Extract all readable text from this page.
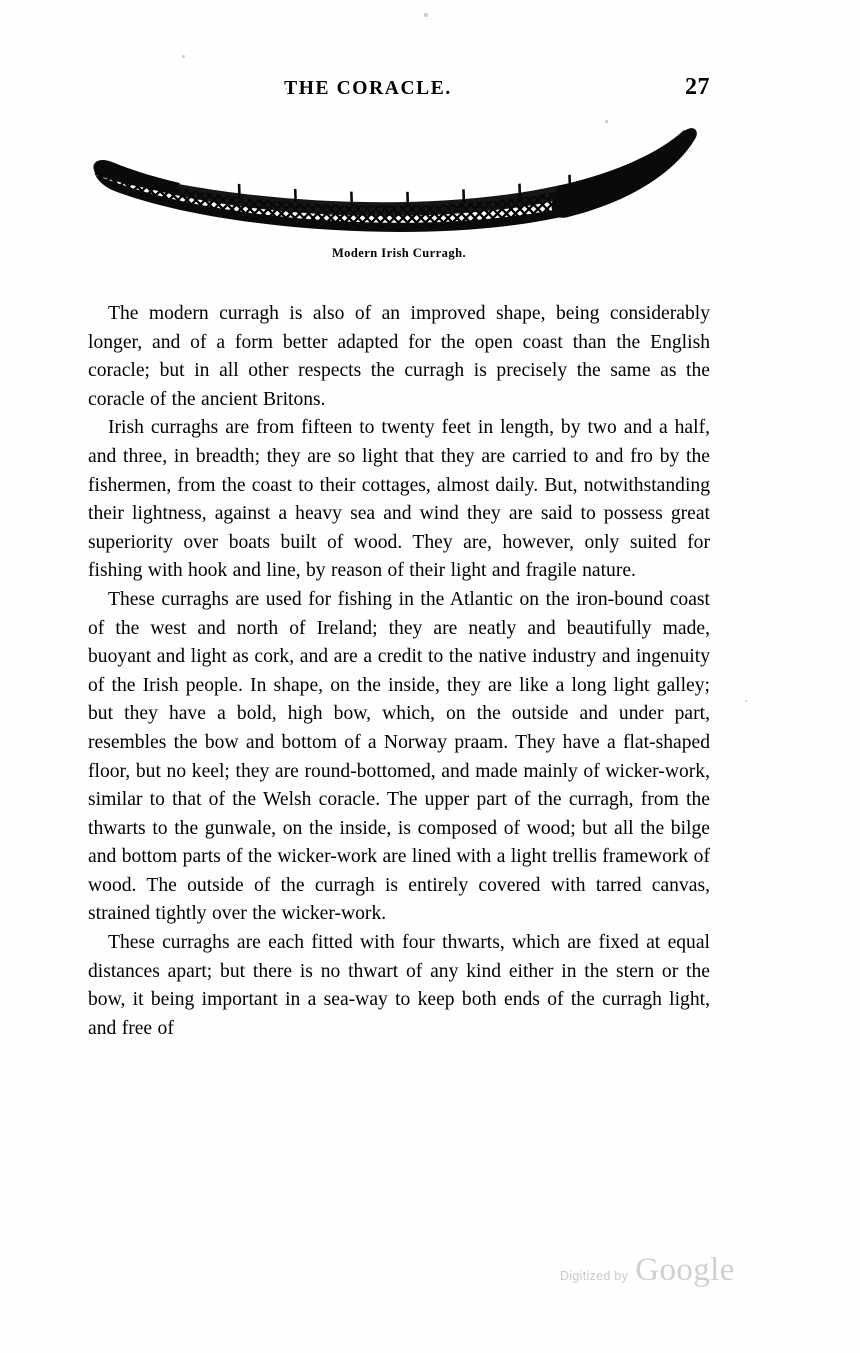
THE CORACLE.	27
Modern Irish Curragh.

The modern curragh is also of an improved shape, being considerably longer, and of a form better adapted for the open coast than the English coracle; but in all other respects the curragh is precisely the same as the coracle of the ancient Britons.

Irish curraghs are from fifteen to twenty feet in length, by two and a half, and three, in breadth; they are so light that they are carried to and fro by the fishermen, from the coast to their cottages, almost daily. But, notwithstanding their lightness, against a heavy sea and wind they are said to possess great superiority over boats built of wood. They are, however, only suited for fishing with hook and line, by reason of their light and fragile nature.

These curraghs are used for fishing in the Atlantic on the iron-bound coast of the west and north of Ireland; they are neatly and beautifully made, buoyant and light as cork, and are a credit to the native industry and ingenuity of the Irish people. In shape, on the inside, they are like a long light galley; but they have a bold, high bow, which, on the outside and under part, resembles the bow and bottom of a Norway praam. They have a flat-shaped floor, but no keel; they are round-bottomed, and made mainly of wicker-work, similar to that of the Welsh coracle. The upper part of the curragh, from the thwarts to the gunwale, on the inside, is composed of wood; but all the bilge and bottom parts of the wicker-work are lined with a light trellis framework of wood. The outside of the curragh is entirely covered with tarred canvas, strained tightly over the wicker-work.

These curraghs are each fitted with four thwarts, which are fixed at equal distances apart; but there is no thwart of any kind either in the stern or the bow, it being important in a sea-way to keep both ends of the curragh light, and free of

Digitized by Google
